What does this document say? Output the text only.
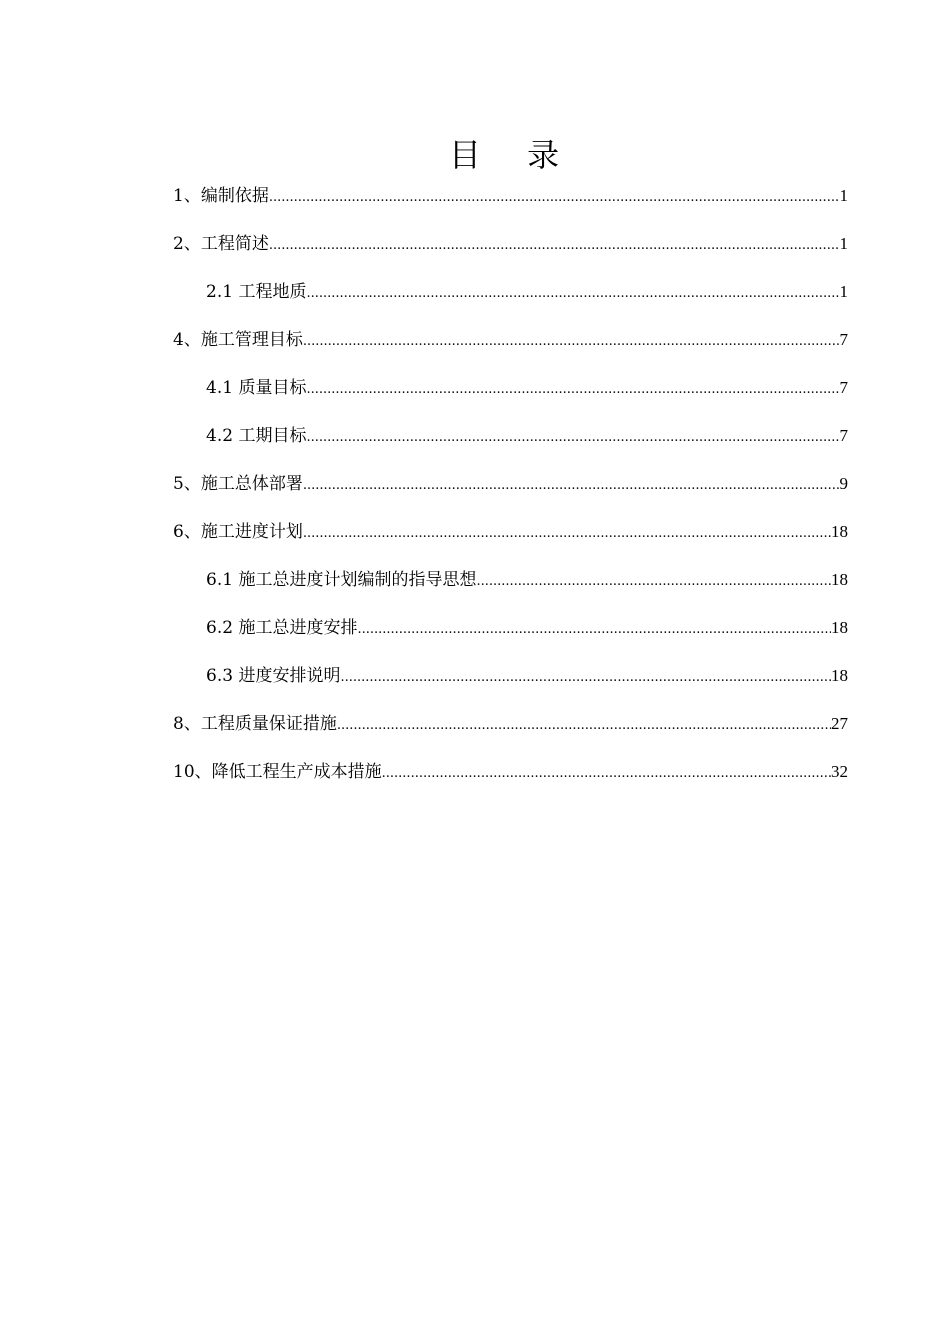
目 录
1、编制依据 .....	1
2、工程简述 .....	1
2.1 工程地质 .....	1
4、施工管理目标 .....	7
4.1 质量目标 .....	7
4.2 工期目标 .....	7
5、施工总体部署 .....	9
6、施工进度计划 .....	18
6.1 施工总进度计划编制的指导思想 .....	18
6.2 施工总进度安排 .....	18
6.3 进度安排说明 .....	18
8、工程质量保证措施 .....	27
10、降低工程生产成本措施 .....	32
